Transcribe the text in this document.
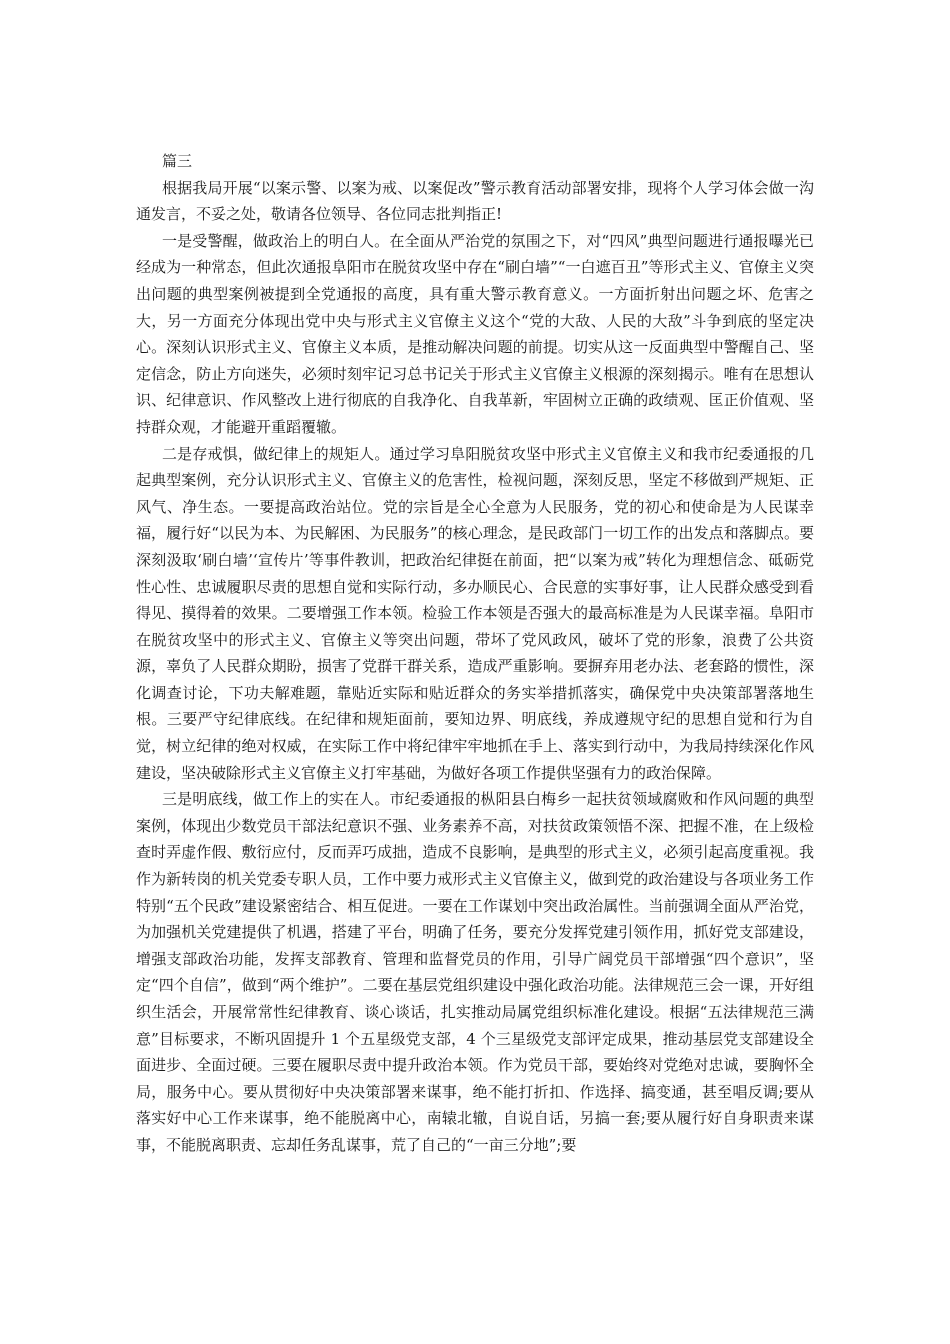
篇三

根据我局开展“以案示警、以案为戒、以案促改”警示教育活动部署安排，现将个人学习体会做一沟通发言，不妥之处，敬请各位领导、各位同志批判指正!

一是受警醒，做政治上的明白人。在全面从严治党的氛围之下，对“四风”典型问题进行通报曝光已经成为一种常态，但此次通报阜阳市在脱贫攻坚中存在“刷白墙”“一白遮百丑”等形式主义、官僚主义突出问题的典型案例被提到全党通报的高度，具有重大警示教育意义。一方面折射出问题之坏、危害之大，另一方面充分体现出党中央与形式主义官僚主义这个“党的大敌、人民的大敌”斗争到底的坚定决心。深刻认识形式主义、官僚主义本质，是推动解决问题的前提。切实从这一反面典型中警醒自己、坚定信念，防止方向迷失，必须时刻牢记习总书记关于形式主义官僚主义根源的深刻揭示。唯有在思想认识、纪律意识、作风整改上进行彻底的自我净化、自我革新，牢固树立正确的政绩观、匡正价值观、坚持群众观，才能避开重蹈覆辙。

二是存戒惧，做纪律上的规矩人。通过学习阜阳脱贫攻坚中形式主义官僚主义和我市纪委通报的几起典型案例，充分认识形式主义、官僚主义的危害性，检视问题，深刻反思，坚定不移做到严规矩、正风气、净生态。一要提高政治站位。党的宗旨是全心全意为人民服务，党的初心和使命是为人民谋幸福，履行好“以民为本、为民解困、为民服务”的核心理念，是民政部门一切工作的出发点和落脚点。要深刻汲取‘刷白墙’‘宣传片’等事件教训，把政治纪律挺在前面，把“以案为戒”转化为理想信念、砥砺党性心性、忠诚履职尽责的思想自觉和实际行动，多办顺民心、合民意的实事好事，让人民群众感受到看得见、摸得着的效果。二要增强工作本领。检验工作本领是否强大的最高标准是为人民谋幸福。阜阳市在脱贫攻坚中的形式主义、官僚主义等突出问题，带坏了党风政风，破坏了党的形象，浪费了公共资源，辜负了人民群众期盼，损害了党群干群关系，造成严重影响。要摒弃用老办法、老套路的惯性，深化调查讨论，下功夫解难题，靠贴近实际和贴近群众的务实举措抓落实，确保党中央决策部署落地生根。三要严守纪律底线。在纪律和规矩面前，要知边界、明底线，养成遵规守纪的思想自觉和行为自觉，树立纪律的绝对权威，在实际工作中将纪律牢牢地抓在手上、落实到行动中，为我局持续深化作风建设，坚决破除形式主义官僚主义打牢基础，为做好各项工作提供坚强有力的政治保障。

三是明底线，做工作上的实在人。市纪委通报的枞阳县白梅乡一起扶贫领域腐败和作风问题的典型案例，体现出少数党员干部法纪意识不强、业务素养不高，对扶贫政策领悟不深、把握不准，在上级检查时弄虚作假、敷衍应付，反而弄巧成拙，造成不良影响，是典型的形式主义，必须引起高度重视。我作为新转岗的机关党委专职人员，工作中要力戒形式主义官僚主义，做到党的政治建设与各项业务工作特别“五个民政”建设紧密结合、相互促进。一要在工作谋划中突出政治属性。当前强调全面从严治党，为加强机关党建提供了机遇，搭建了平台，明确了任务，要充分发挥党建引领作用，抓好党支部建设，增强支部政治功能，发挥支部教育、管理和监督党员的作用，引导广阔党员干部增强“四个意识”，坚定“四个自信”，做到“两个维护”。二要在基层党组织建设中强化政治功能。法律规范三会一课，开好组织生活会，开展常常性纪律教育、谈心谈话，扎实推动局属党组织标准化建设。根据“五法律规范三满意”目标要求，不断巩固提升 1 个五星级党支部，4 个三星级党支部评定成果，推动基层党支部建设全面进步、全面过硬。三要在履职尽责中提升政治本领。作为党员干部，要始终对党绝对忠诚，要胸怀全局，服务中心。要从贯彻好中央决策部署来谋事，绝不能打折扣、作选择、搞变通，甚至唱反调;要从落实好中心工作来谋事，绝不能脱离中心，南辕北辙，自说自话，另搞一套;要从履行好自身职责来谋事，不能脱离职责、忘却任务乱谋事，荒了自己的“一亩三分地”;要
